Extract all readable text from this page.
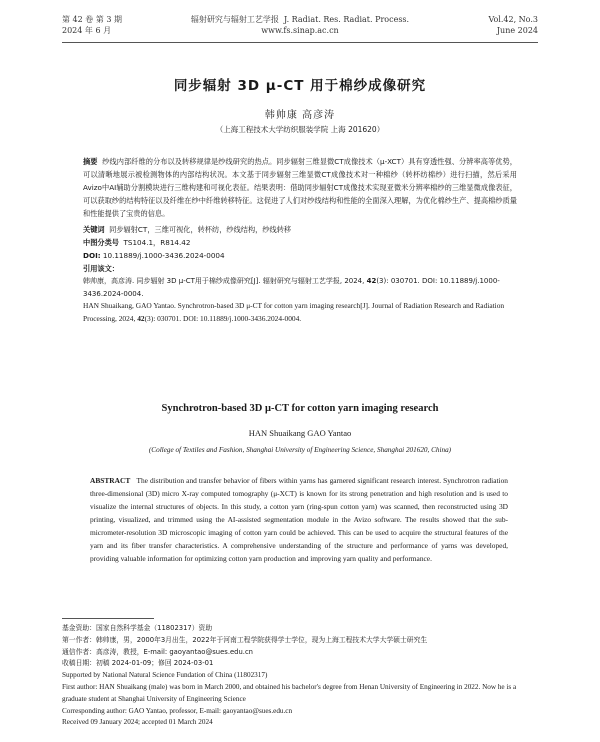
第 42 卷 第 3 期
2024 年 6 月
辐射研究与辐射工艺学报 J. Radiat. Res. Radiat. Process.
www.fs.sinap.ac.cn
Vol.42, No.3
June 2024
同步辐射 3D μ-CT 用于棉纱成像研究
韩帅康 高彦涛
（上海工程技术大学纺织服装学院 上海 201620）
摘要 纱线内部纤维的分布以及转移规律是纱线研究的热点。同步辐射三维显微CT成像技术（μ-XCT）具有穿透性强、分辨率高等优势，可以清晰地展示被检测物体的内部结构状况。本文基于同步辐射三维显微CT成像技术对一种棉纱（转杯纺棉纱）进行扫描，然后采用Avizo中AI辅助分割模块进行三维构建和可视化表征。结果表明：借助同步辐射CT成像技术实现亚微米分辨率棉纱的三维显微成像表征，可以获取纱的结构特征以及纤维在纱中纤维转移特征。这促进了人们对纱线结构和性能的全面深入理解，为优化棉纱生产、提高棉纱质量和性能提供了宝贵的信息。
关键词 同步辐射CT，三维可视化，转杯纺，纱线结构，纱线转移
中图分类号 TS104.1，R814.42
DOI: 10.11889/j.1000-3436.2024-0004
引用该文：

韩帅康，高彦涛. 同步辐射 3D μ-CT用于棉纱成像研究[J]. 辐射研究与辐射工艺学报, 2024, 42(3): 030701. DOI: 10.11889/j.1000-3436.2024-0004.

HAN Shuaikang, GAO Yantao. Synchrotron-based 3D μ-CT for cotton yarn imaging research[J]. Journal of Radiation Research and Radiation Processing, 2024, 42(3): 030701. DOI: 10.11889/j.1000-3436.2024-0004.

Synchrotron-based 3D μ-CT for cotton yarn imaging research
HAN Shuaikang GAO Yantao
(College of Textiles and Fashion, Shanghai University of Engineering Science, Shanghai 201620, China)
ABSTRACT The distribution and transfer behavior of fibers within yarns has garnered significant research interest. Synchrotron radiation three-dimensional (3D) micro X-ray computed tomography (μ-XCT) is known for its strong penetration and high resolution and is used to visualize the internal structures of objects. In this study, a cotton yarn (ring-spun cotton yarn) was scanned, then reconstructed using 3D printing, visualized, and trimmed using the AI-assisted segmentation module in the Avizo software. The results showed that the sub-micrometer-resolution 3D microscopic imaging of cotton yarn could be achieved. This can be used to acquire the structural features of the yarn and its fiber transfer characteristics. A comprehensive understanding of the structure and performance of yarns was developed, providing valuable information for optimizing cotton yarn production and improving yarn quality and performance.

基金资助：国家自然科学基金（11802317）资助

第一作者：韩帅康，男，2000年3月出生，2022年于河南工程学院获得学士学位，现为上海工程技术大学大学硕士研究生

通信作者：高彦涛，教授，E-mail: gaoyantao@sues.edu.cn

收稿日期：初稿 2024-01-09；修回 2024-03-01

Supported by National Natural Science Fundation of China (11802317)

First author: HAN Shuaikang (male) was born in March 2000, and obtained his bachelor's degree from Henan University of Engineering in 2022. Now he is a graduate student at Shanghai University of Engineering Science

Corresponding author: GAO Yantao, professor, E-mail: gaoyantao@sues.edu.cn

Received 09 January 2024; accepted 01 March 2024
